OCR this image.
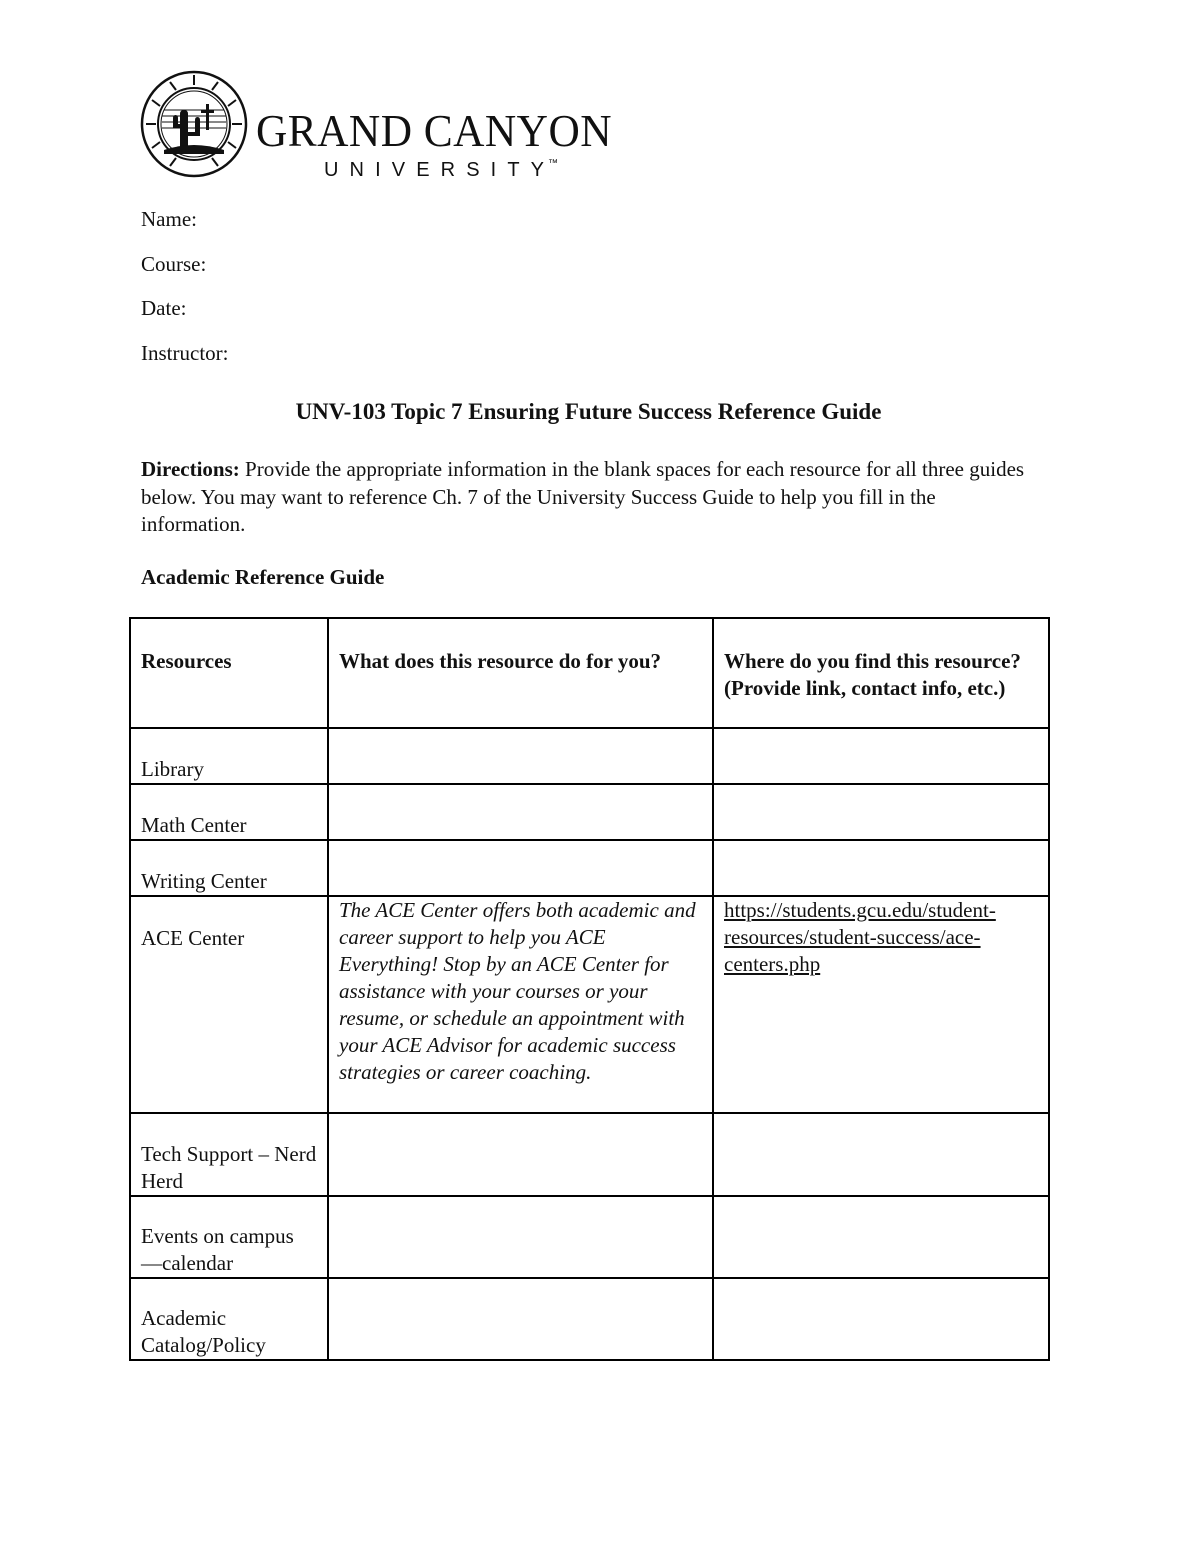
GRAND CANYON
UNIVERSITY ™
Name:
Course:
Date:
Instructor:
UNV-103 Topic 7 Ensuring Future Success Reference Guide
Directions: Provide the appropriate information in the blank spaces for each resource for all three guides below. You may want to reference Ch. 7 of the University Success Guide to help you fill in the information.
Academic Reference Guide
Resources	What does this resource do for you?	Where do you find this resource? (Provide link, contact info, etc.)
Library		
Math Center		
Writing Center		
ACE Center	The ACE Center offers both academic and career support to help you ACE Everything! Stop by an ACE Center for assistance with your courses or your resume, or schedule an appointment with your ACE Advisor for academic success strategies or career coaching.	https://students.gcu.edu/student-resources/student-success/ace-centers.php
Tech Support – Nerd Herd		
Events on campus —calendar		
Academic Catalog/Policy		
